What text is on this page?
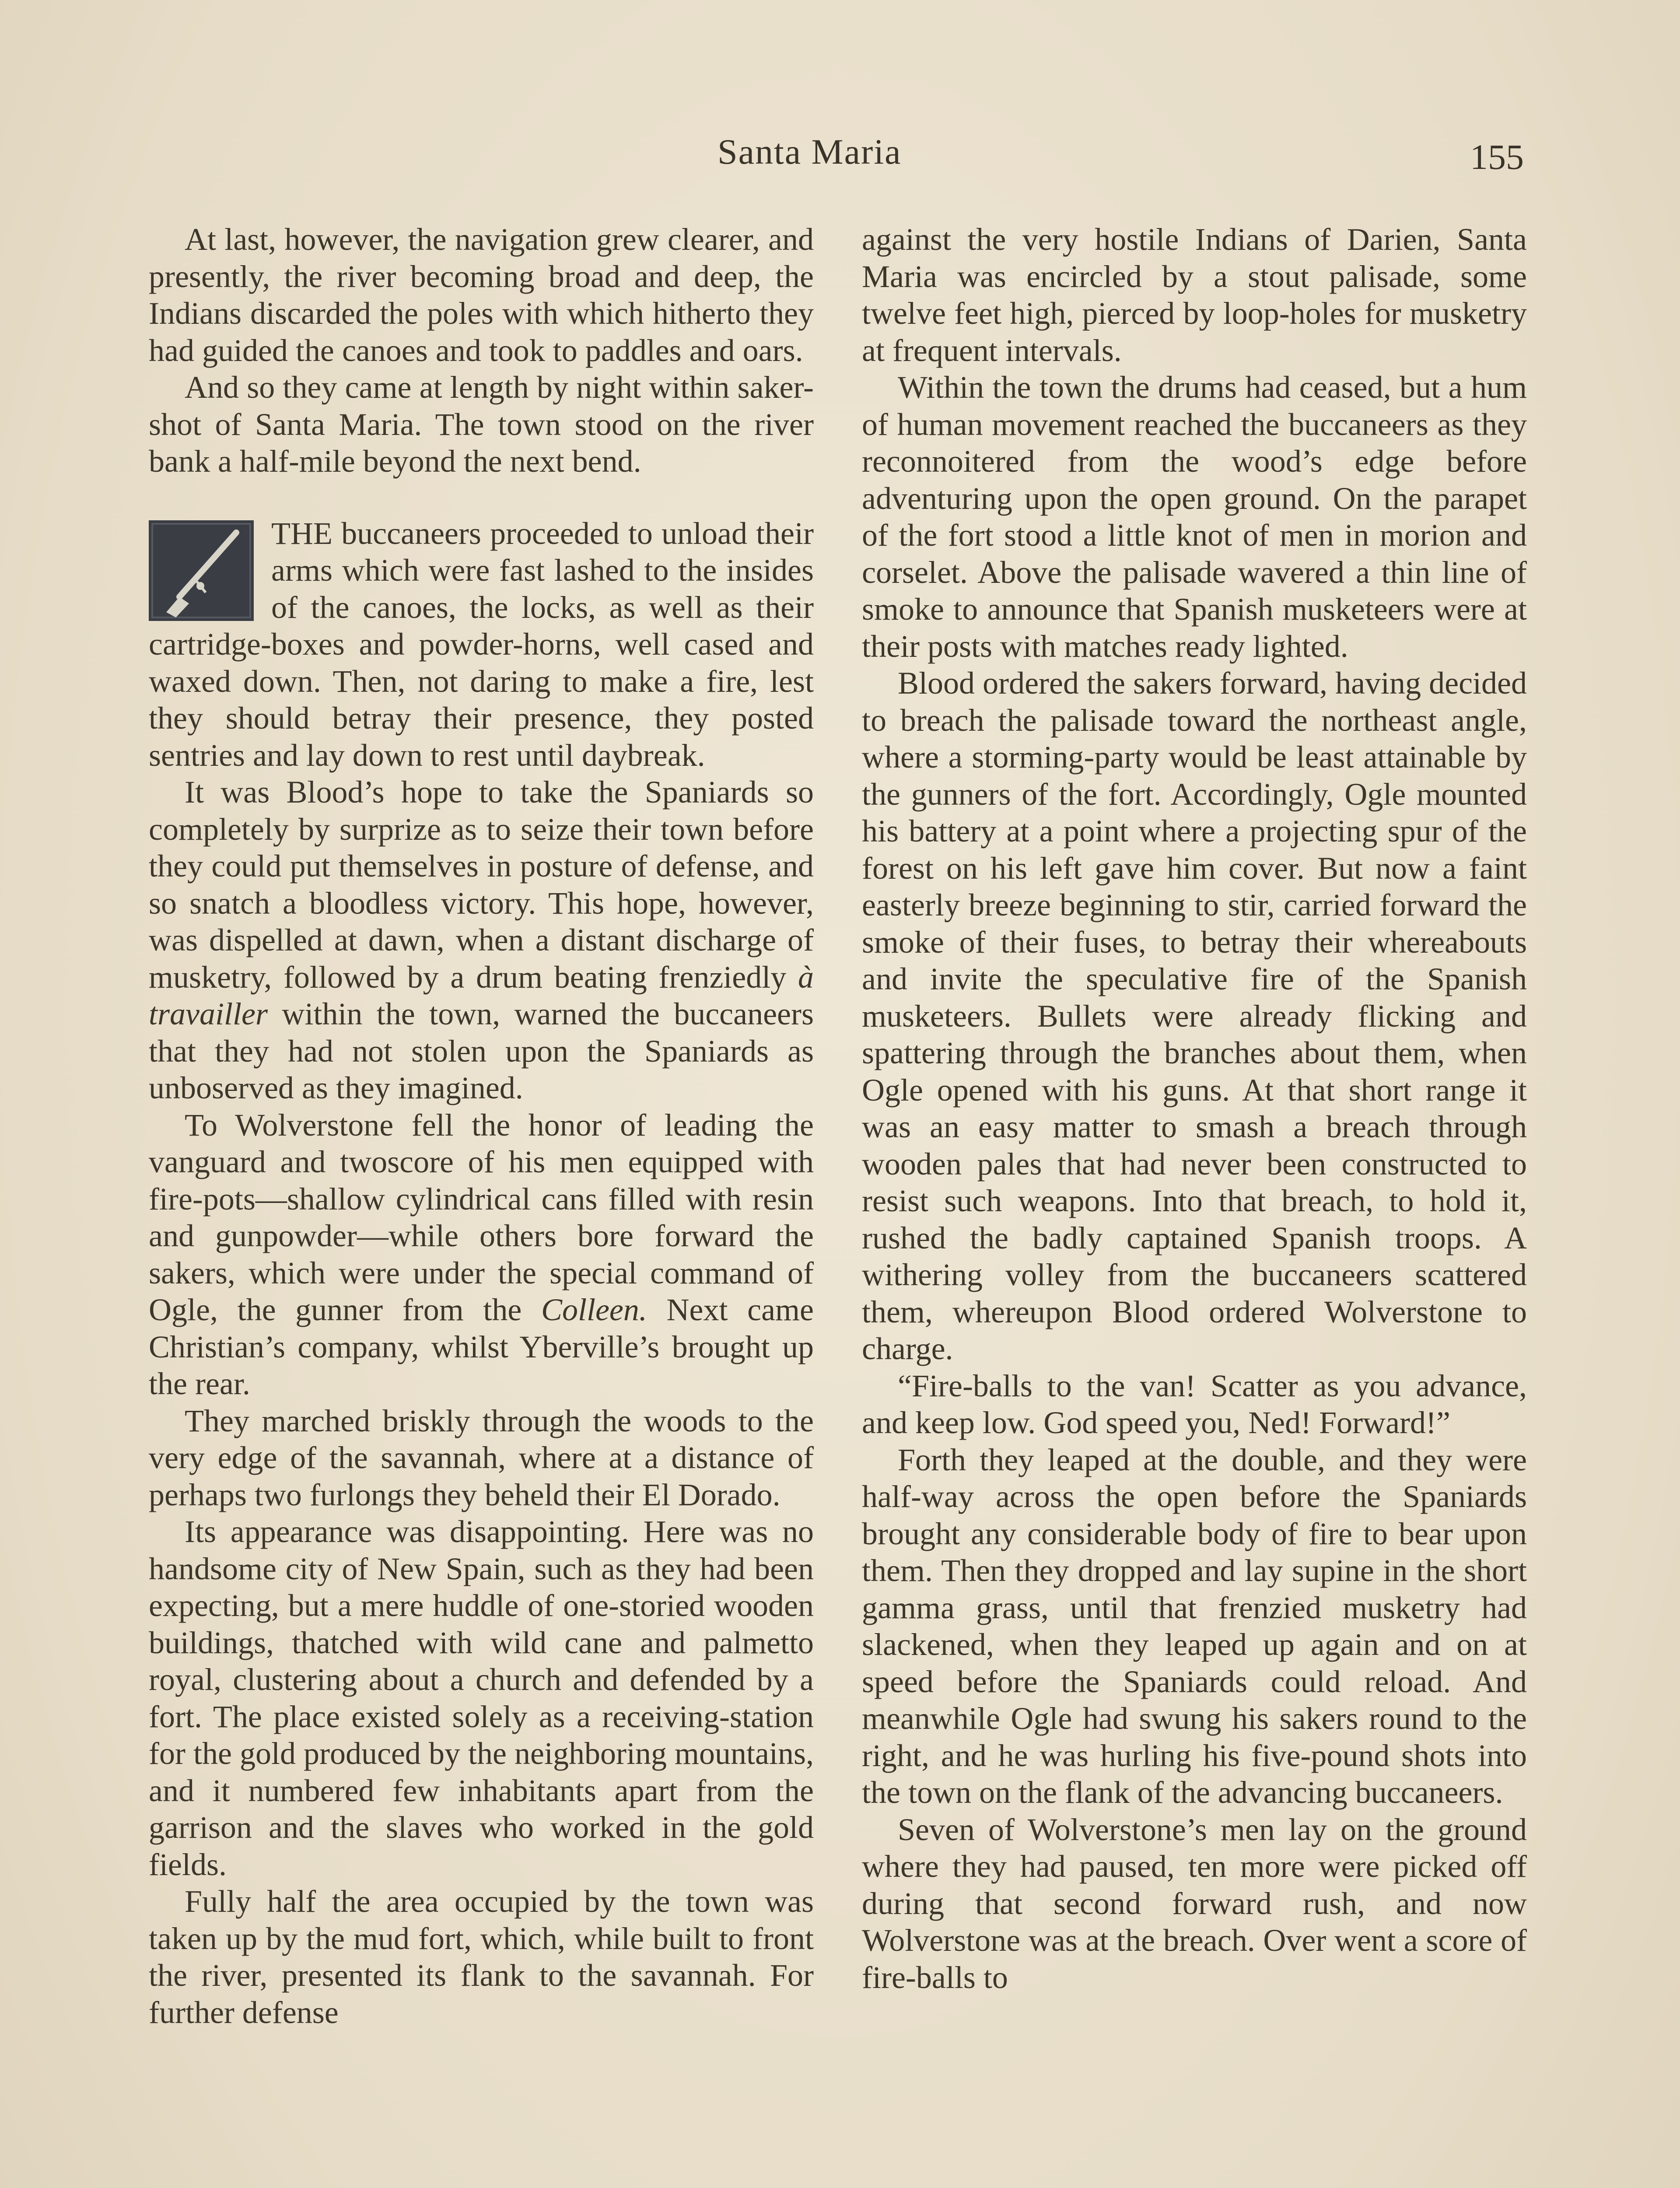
Santa Maria	155

At last, however, the navigation grew clearer, and presently, the river becoming broad and deep, the Indians discarded the poles with which hitherto they had guided the canoes and took to paddles and oars.

And so they came at length by night within saker-shot of Santa Maria. The town stood on the river bank a half-mile beyond the next bend.

THE buccaneers proceeded to unload their arms which were fast lashed to the insides of the canoes, the locks, as well as their cartridge-boxes and powder-horns, well cased and waxed down. Then, not daring to make a fire, lest they should betray their presence, they posted sentries and lay down to rest until daybreak.

It was Blood’s hope to take the Spaniards so completely by surprize as to seize their town before they could put themselves in posture of defense, and so snatch a bloodless victory. This hope, however, was dispelled at dawn, when a distant discharge of musketry, followed by a drum beating frenziedly à travailler within the town, warned the buccaneers that they had not stolen upon the Spaniards as unboserved as they imagined.

To Wolverstone fell the honor of leading the vanguard and twoscore of his men equipped with fire-pots—shallow cylindrical cans filled with resin and gunpowder—while others bore forward the sakers, which were under the special command of Ogle, the gunner from the Colleen. Next came Christian’s company, whilst Yberville’s brought up the rear.

They marched briskly through the woods to the very edge of the savannah, where at a distance of perhaps two furlongs they beheld their El Dorado.

Its appearance was disappointing. Here was no handsome city of New Spain, such as they had been expecting, but a mere huddle of one-storied wooden buildings, thatched with wild cane and palmetto royal, clustering about a church and defended by a fort. The place existed solely as a receiving-station for the gold produced by the neighboring mountains, and it numbered few inhabitants apart from the garrison and the slaves who worked in the gold fields.

Fully half the area occupied by the town was taken up by the mud fort, which, while built to front the river, presented its flank to the savannah. For further defense

against the very hostile Indians of Darien, Santa Maria was encircled by a stout palisade, some twelve feet high, pierced by loop-holes for musketry at frequent intervals.

Within the town the drums had ceased, but a hum of human movement reached the buccaneers as they reconnoitered from the wood’s edge before adventuring upon the open ground. On the parapet of the fort stood a little knot of men in morion and corselet. Above the palisade wavered a thin line of smoke to announce that Spanish musketeers were at their posts with matches ready lighted.

Blood ordered the sakers forward, having decided to breach the palisade toward the northeast angle, where a storming-party would be least attainable by the gunners of the fort. Accordingly, Ogle mounted his battery at a point where a projecting spur of the forest on his left gave him cover. But now a faint easterly breeze beginning to stir, carried forward the smoke of their fuses, to betray their whereabouts and invite the speculative fire of the Spanish musketeers. Bullets were already flicking and spattering through the branches about them, when Ogle opened with his guns. At that short range it was an easy matter to smash a breach through wooden pales that had never been constructed to resist such weapons. Into that breach, to hold it, rushed the badly captained Spanish troops. A withering volley from the buccaneers scattered them, whereupon Blood ordered Wolverstone to charge.

“Fire-balls to the van! Scatter as you advance, and keep low. God speed you, Ned! Forward!”

Forth they leaped at the double, and they were half-way across the open before the Spaniards brought any considerable body of fire to bear upon them. Then they dropped and lay supine in the short gamma grass, until that frenzied musketry had slackened, when they leaped up again and on at speed before the Spaniards could reload. And meanwhile Ogle had swung his sakers round to the right, and he was hurling his five-pound shots into the town on the flank of the advancing buccaneers.

Seven of Wolverstone’s men lay on the ground where they had paused, ten more were picked off during that second forward rush, and now Wolverstone was at the breach. Over went a score of fire-balls to
